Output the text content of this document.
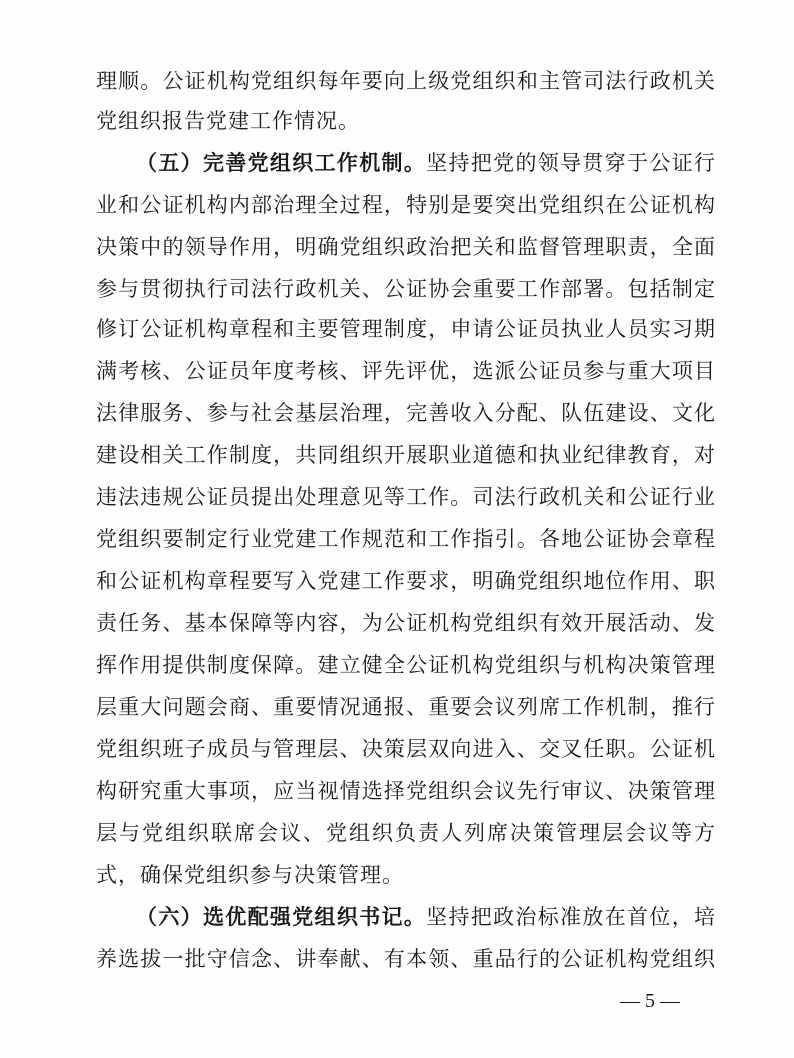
理顺。公证机构党组织每年要向上级党组织和主管司法行政机关
党组织报告党建工作情况。
（五）完善党组织工作机制。坚持把党的领导贯穿于公证行
业和公证机构内部治理全过程，特别是要突出党组织在公证机构
决策中的领导作用，明确党组织政治把关和监督管理职责，全面
参与贯彻执行司法行政机关、公证协会重要工作部署。包括制定
修订公证机构章程和主要管理制度，申请公证员执业人员实习期
满考核、公证员年度考核、评先评优，选派公证员参与重大项目
法律服务、参与社会基层治理，完善收入分配、队伍建设、文化
建设相关工作制度，共同组织开展职业道德和执业纪律教育，对
违法违规公证员提出处理意见等工作。司法行政机关和公证行业
党组织要制定行业党建工作规范和工作指引。各地公证协会章程
和公证机构章程要写入党建工作要求，明确党组织地位作用、职
责任务、基本保障等内容，为公证机构党组织有效开展活动、发
挥作用提供制度保障。建立健全公证机构党组织与机构决策管理
层重大问题会商、重要情况通报、重要会议列席工作机制，推行
党组织班子成员与管理层、决策层双向进入、交叉任职。公证机
构研究重大事项，应当视情选择党组织会议先行审议、决策管理
层与党组织联席会议、党组织负责人列席决策管理层会议等方
式，确保党组织参与决策管理。
（六）选优配强党组织书记。坚持把政治标准放在首位，培
养选拔一批守信念、讲奉献、有本领、重品行的公证机构党组织
— 5 —
